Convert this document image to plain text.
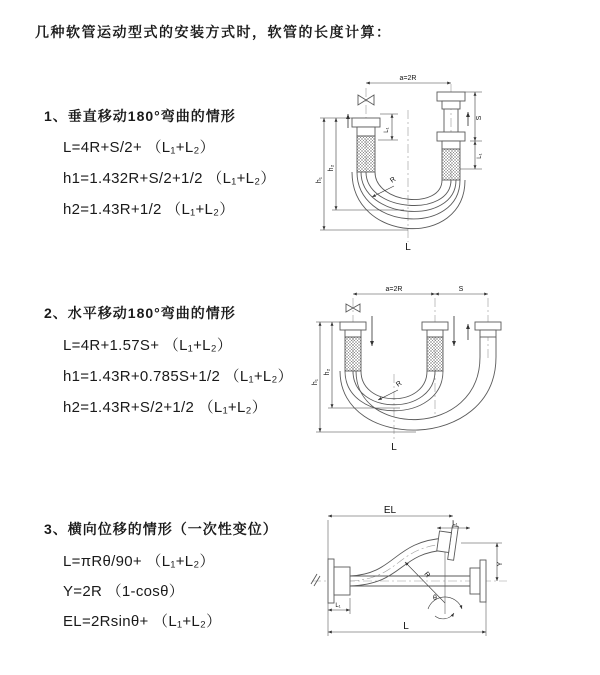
几种软管运动型式的安装方式时，软管的长度计算：
1、垂直移动180°弯曲的情形
L=4R+S/2+ （L₁+L₂）
h1=1.432R+S/2+1/2 （L₁+L₂）
h2=1.43R+1/2 （L₁+L₂）
a=2R
h₁
h₂
L₁
S
L₁
R
L
2、水平移动180°弯曲的情形
L=4R+1.57S+ （L₁+L₂）
h1=1.43R+0.785S+1/2 （L₁+L₂）
h2=1.43R+S/2+1/2 （L₁+L₂）
a=2R	S
h₁
h₂
R
L
3、横向位移的情形（一次性变位）
L=πRθ/90+ （L₁+L₂）
Y=2R （1-cosθ）
EL=2Rsinθ+ （L₁+L₂）
EL
L₁
Y
R
θ
L
L₁
